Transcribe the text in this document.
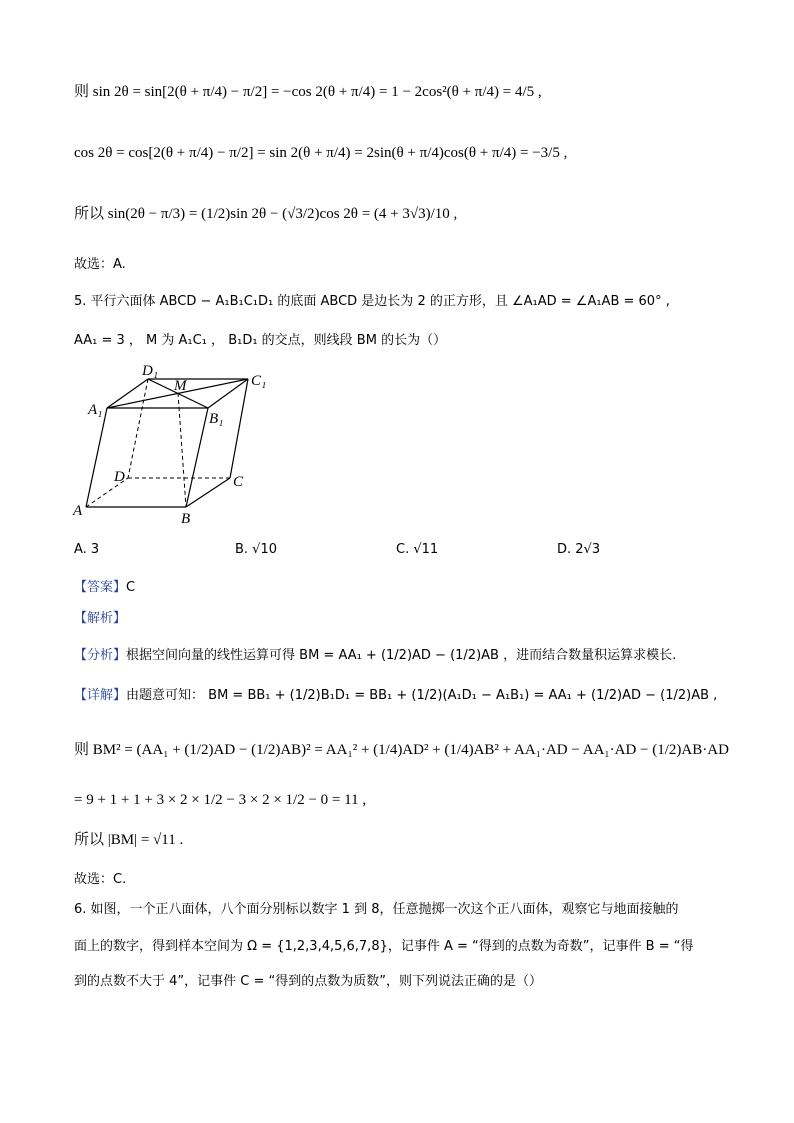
则 sin 2θ = sin[2(θ + π/4) − π/2] = −cos 2(θ + π/4) = 1 − 2cos²(θ + π/4) = 4/5 ,
cos 2θ = cos[2(θ + π/4) − π/2] = sin 2(θ + π/4) = 2sin(θ + π/4)cos(θ + π/4) = −3/5 ,
所以 sin(2θ − π/3) = (1/2)sin 2θ − (√3/2)cos 2θ = (4 + 3√3)/10 ,
故选：A.
5. 平行六面体 ABCD − A₁B₁C₁D₁ 的底面 ABCD 是边长为 2 的正方形，且 ∠A₁AD = ∠A₁AB = 60° ,
AA₁ = 3 ， M 为 A₁C₁ ， B₁D₁ 的交点，则线段 BM 的长为（）
D₁
M	C₁
A₁
B₁
D	C
A	B
A. 3	B. √10	C. √11	D. 2√3
【答案】C
【解析】
【分析】根据空间向量的线性运算可得 BM = AA₁ + (1/2)AD − (1/2)AB ，进而结合数量积运算求模长.
【详解】由题意可知： BM = BB₁ + (1/2)B₁D₁ = BB₁ + (1/2)(A₁D₁ − A₁B₁) = AA₁ + (1/2)AD − (1/2)AB ,
则 BM² = (AA₁ + (1/2)AD − (1/2)AB)² = AA₁² + (1/4)AD² + (1/4)AB² + AA₁·AD − AA₁·AD − (1/2)AB·AD
= 9 + 1 + 1 + 3 × 2 × 1/2 − 3 × 2 × 1/2 − 0 = 11 ,
所以 |BM| = √11 .
故选：C.
6. 如图，一个正八面体，八个面分别标以数字 1 到 8，任意抛掷一次这个正八面体，观察它与地面接触的
面上的数字，得到样本空间为 Ω = {1,2,3,4,5,6,7,8}，记事件 A = “得到的点数为奇数”，记事件 B = “得
到的点数不大于 4”，记事件 C = “得到的点数为质数”，则下列说法正确的是（）
